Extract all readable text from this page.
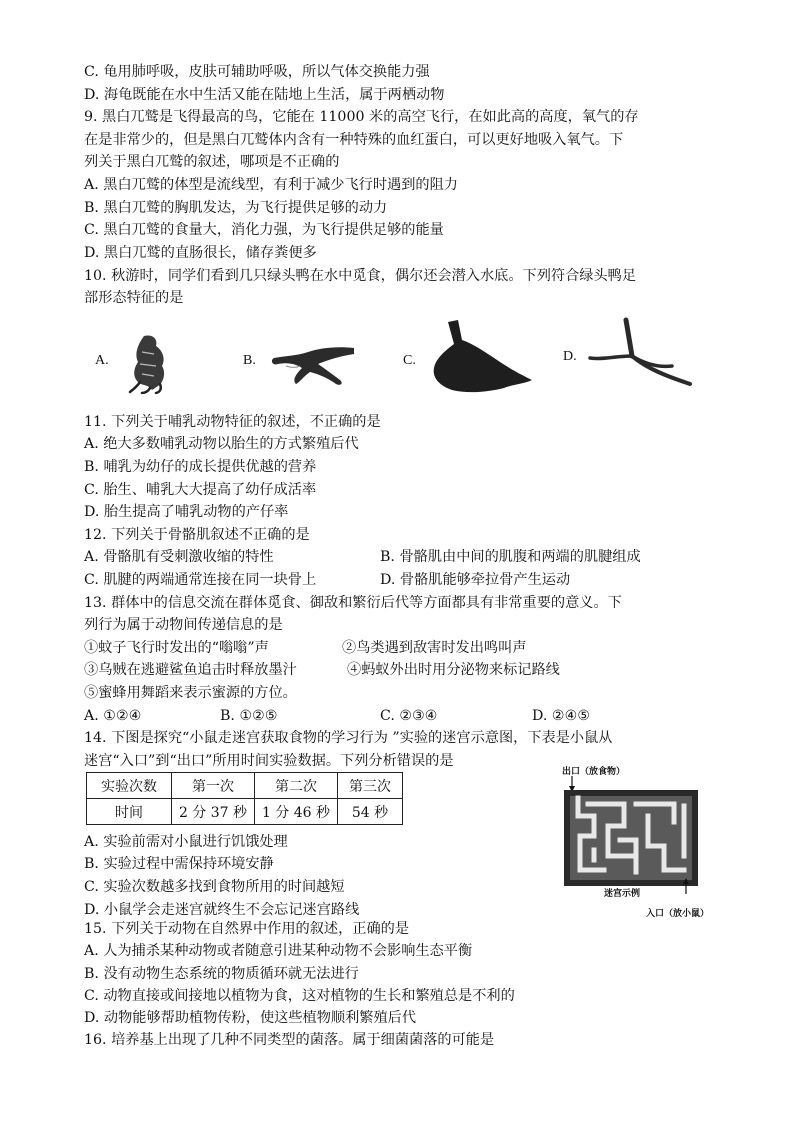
C. 龟用肺呼吸，皮肤可辅助呼吸，所以气体交换能力强
D. 海龟既能在水中生活又能在陆地上生活，属于两栖动物
9. 黑白兀鹫是飞得最高的鸟，它能在 11000 米的高空飞行，在如此高的高度，氧气的存
在是非常少的，但是黑白兀鹫体内含有一种特殊的血红蛋白，可以更好地吸入氧气。下
列关于黑白兀鹫的叙述，哪项是不正确的
A. 黑白兀鹫的体型是流线型，有利于减少飞行时遇到的阻力
B. 黑白兀鹫的胸肌发达，为飞行提供足够的动力
C. 黑白兀鹫的食量大，消化力强，为飞行提供足够的能量
D. 黑白兀鹫的直肠很长，储存粪便多
10. 秋游时，同学们看到几只绿头鸭在水中觅食，偶尔还会潜入水底。下列符合绿头鸭足
部形态特征的是
A.	B.	C.	D.
11. 下列关于哺乳动物特征的叙述，不正确的是
A. 绝大多数哺乳动物以胎生的方式繁殖后代
B. 哺乳为幼仔的成长提供优越的营养
C. 胎生、哺乳大大提高了幼仔成活率
D. 胎生提高了哺乳动物的产仔率
12. 下列关于骨骼肌叙述不正确的是
A. 骨骼肌有受刺激收缩的特性	B. 骨骼肌由中间的肌腹和两端的肌腱组成
C. 肌腱的两端通常连接在同一块骨上	D. 骨骼肌能够牵拉骨产生运动
13. 群体中的信息交流在群体觅食、御敌和繁衍后代等方面都具有非常重要的意义。下
列行为属于动物间传递信息的是
①蚊子飞行时发出的“嗡嗡”声	②鸟类遇到敌害时发出鸣叫声
③乌贼在逃避鲨鱼追击时释放墨汁	④蚂蚁外出时用分泌物来标记路线
⑤蜜蜂用舞蹈来表示蜜源的方位。
A. ①②④	B. ①②⑤	C. ②③④	D. ②④⑤
14. 下图是探究“小鼠走迷宫获取食物的学习行为 ”实验的迷宫示意图，下表是小鼠从
迷宫“入口”到“出口”所用时间实验数据。下列分析错误的是
实验次数	第一次	第二次	第三次
时间	2 分 37 秒	1 分 46 秒	54 秒
出口（放食物）
迷宫示例
入口（放小鼠）
A. 实验前需对小鼠进行饥饿处理
B. 实验过程中需保持环境安静
C. 实验次数越多找到食物所用的时间越短
D. 小鼠学会走迷宫就终生不会忘记迷宫路线
15. 下列关于动物在自然界中作用的叙述，正确的是
A. 人为捕杀某种动物或者随意引进某种动物不会影响生态平衡
B. 没有动物生态系统的物质循环就无法进行
C. 动物直接或间接地以植物为食，这对植物的生长和繁殖总是不利的
D. 动物能够帮助植物传粉，使这些植物顺利繁殖后代
16. 培养基上出现了几种不同类型的菌落。属于细菌菌落的可能是
